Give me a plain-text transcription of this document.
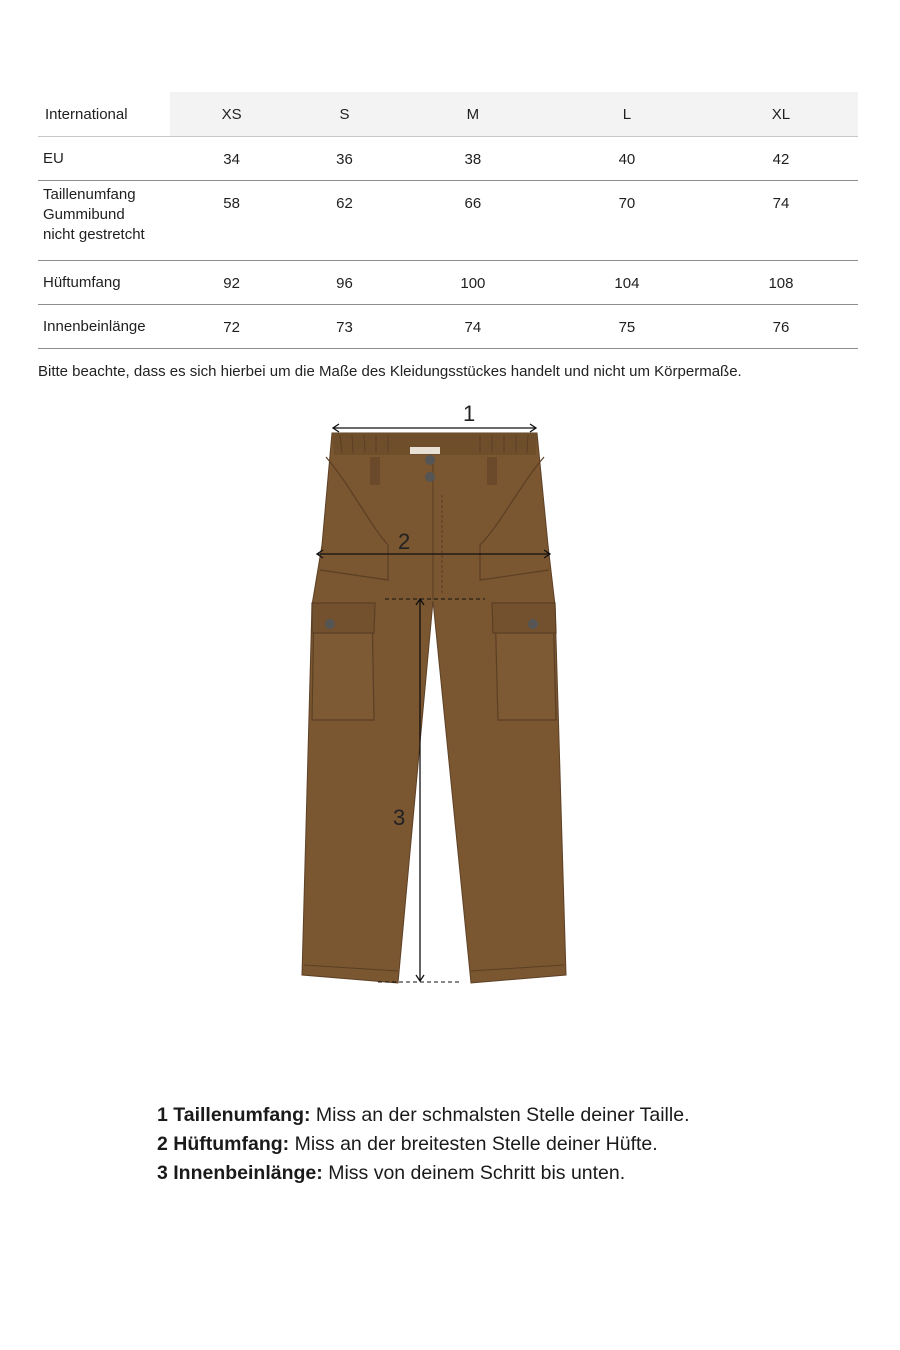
International	XS	S	M	L	XL
EU	34	36	38	40	42

Taillenumfang
Gummibund
nicht gestretcht	58	62	66	70	74
Hüftumfang	92	96	100	104	108
Innenbeinlänge	72	73	74	75	76
Bitte beachte, dass es sich hierbei um die Maße des Kleidungsstückes handelt und nicht um Körpermaße.
1
2
3
1 Taillenumfang: Miss an der schmalsten Stelle deiner Taille.
2 Hüftumfang: Miss an der breitesten Stelle deiner Hüfte.
3 Innenbeinlänge: Miss von deinem Schritt bis unten.
